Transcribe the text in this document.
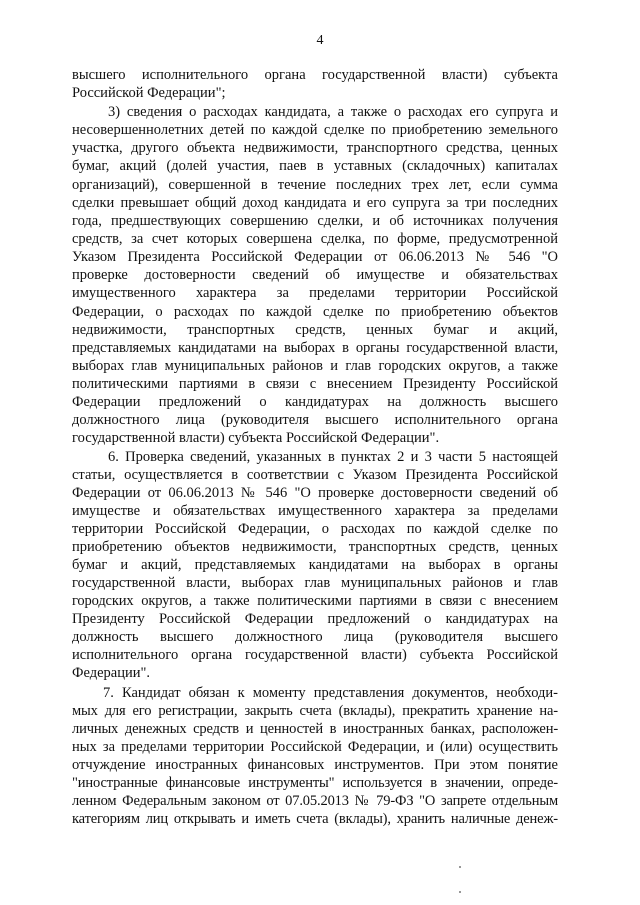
4
высшего исполнительного органа государственной власти) субъекта
Российской Федерации";
3) сведения о расходах кандидата, а также о расходах его супруга и
несовершеннолетних детей по каждой сделке по приобретению земельного
участка, другого объекта недвижимости, транспортного средства, ценных
бумаг, акций (долей участия, паев в уставных (складочных) капиталах
организаций), совершенной в течение последних трех лет, если сумма
сделки превышает общий доход кандидата и его супруга за три последних
года, предшествующих совершению сделки, и об источниках получения
средств, за счет которых совершена сделка, по форме, предусмотренной
Указом Президента Российской Федерации от 06.06.2013 № 546 "О
проверке достоверности сведений об имуществе и обязательствах
имущественного характера за пределами территории Российской
Федерации, о расходах по каждой сделке по приобретению объектов
недвижимости, транспортных средств, ценных бумаг и акций,
представляемых кандидатами на выборах в органы государственной власти,
выборах глав муниципальных районов и глав городских округов, а также
политическими партиями в связи с внесением Президенту Российской
Федерации предложений о кандидатурах на должность высшего
должностного лица (руководителя высшего исполнительного органа
государственной власти) субъекта Российской Федерации".
6. Проверка сведений, указанных в пунктах 2 и 3 части 5 настоящей
статьи, осуществляется в соответствии с Указом Президента Российской
Федерации от 06.06.2013 № 546 "О проверке достоверности сведений об
имуществе и обязательствах имущественного характера за пределами
территории Российской Федерации, о расходах по каждой сделке по
приобретению объектов недвижимости, транспортных средств, ценных
бумаг и акций, представляемых кандидатами на выборах в органы
государственной власти, выборах глав муниципальных районов и глав
городских округов, а также политическими партиями в связи с внесением
Президенту Российской Федерации предложений о кандидатурах на
должность высшего должностного лица (руководителя высшего
исполнительного органа государственной власти) субъекта Российской
Федерации".
7. Кандидат обязан к моменту представления документов, необходи-
мых для его регистрации, закрыть счета (вклады), прекратить хранение на-
личных денежных средств и ценностей в иностранных банках, расположен-
ных за пределами территории Российской Федерации, и (или) осуществить
отчуждение иностранных финансовых инструментов. При этом понятие
"иностранные финансовые инструменты" используется в значении, опреде-
ленном Федеральным законом от 07.05.2013 № 79-ФЗ "О запрете отдельным
категориям лиц открывать и иметь счета (вклады), хранить наличные денеж-
